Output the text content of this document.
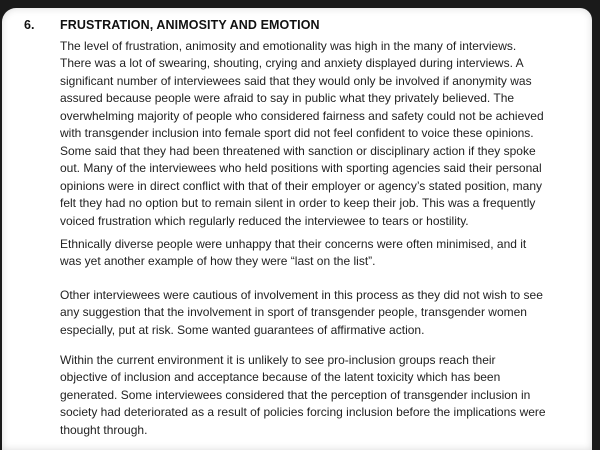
6. FRUSTRATION, ANIMOSITY AND EMOTION
The level of frustration, animosity and emotionality was high in the many of interviews.
There was a lot of swearing, shouting, crying and anxiety displayed during interviews. A
significant number of interviewees said that they would only be involved if anonymity was
assured because people were afraid to say in public what they privately believed. The
overwhelming majority of people who considered fairness and safety could not be achieved
with transgender inclusion into female sport did not feel confident to voice these opinions.
Some said that they had been threatened with sanction or disciplinary action if they spoke
out. Many of the interviewees who held positions with sporting agencies said their personal
opinions were in direct conflict with that of their employer or agency’s stated position, many
felt they had no option but to remain silent in order to keep their job. This was a frequently
voiced frustration which regularly reduced the interviewee to tears or hostility.
Ethnically diverse people were unhappy that their concerns were often minimised, and it
was yet another example of how they were “last on the list”.
Other interviewees were cautious of involvement in this process as they did not wish to see
any suggestion that the involvement in sport of transgender people, transgender women
especially, put at risk. Some wanted guarantees of affirmative action.
Within the current environment it is unlikely to see pro-inclusion groups reach their
objective of inclusion and acceptance because of the latent toxicity which has been
generated. Some interviewees considered that the perception of transgender inclusion in
society had deteriorated as a result of policies forcing inclusion before the implications were
thought through.
